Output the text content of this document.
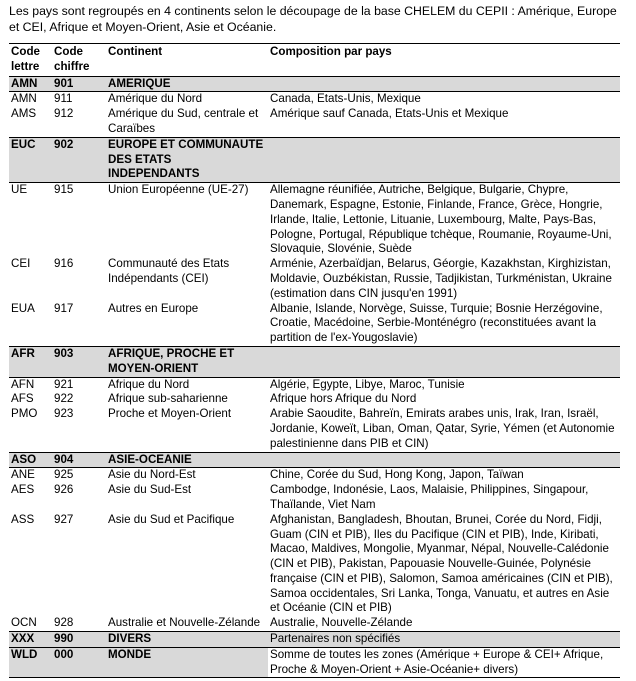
Les pays sont regroupés en 4 continents selon le découpage de la base CHELEM du CEPII : Amérique, Europe et CEI, Afrique et Moyen-Orient, Asie et Océanie.
Code lettre	Code chiffre	Continent	Composition par pays
AMN	901	AMERIQUE	
AMN	911	Amérique du Nord	Canada, Etats-Unis, Mexique
AMS	912	Amérique du Sud, centrale et Caraïbes	Amérique sauf Canada, Etats-Unis et Mexique
EUC	902	EUROPE ET COMMUNAUTE DES ETATS INDEPENDANTS	
UE	915	Union Européenne (UE-27)	Allemagne réunifiée, Autriche, Belgique, Bulgarie, Chypre, Danemark, Espagne, Estonie, Finlande, France, Grèce, Hongrie, Irlande, Italie, Lettonie, Lituanie, Luxembourg, Malte, Pays-Bas, Pologne, Portugal, République tchèque, Roumanie, Royaume-Uni, Slovaquie, Slovénie, Suède
CEI	916	Communauté des Etats Indépendants (CEI)	Arménie, Azerbaïdjan, Belarus, Géorgie, Kazakhstan, Kirghizistan, Moldavie, Ouzbékistan, Russie, Tadjikistan, Turkménistan, Ukraine (estimation dans CIN jusqu'en 1991)
EUA	917	Autres en Europe	Albanie, Islande, Norvège, Suisse, Turquie; Bosnie Herzégovine, Croatie, Macédoine, Serbie-Monténégro (reconstituées avant la partition de l'ex-Yougoslavie)
AFR	903	AFRIQUE, PROCHE ET MOYEN-ORIENT	
AFN	921	Afrique du Nord	Algérie, Egypte, Libye, Maroc, Tunisie
AFS	922	Afrique sub-saharienne	Afrique hors Afrique du Nord
PMO	923	Proche et Moyen-Orient	Arabie Saoudite, Bahreïn, Emirats arabes unis, Irak, Iran, Israël, Jordanie, Koweït, Liban, Oman, Qatar, Syrie, Yémen (et Autonomie palestinienne dans PIB et CIN)
ASO	904	ASIE-OCEANIE	
ANE	925	Asie du Nord-Est	Chine, Corée du Sud, Hong Kong, Japon, Taïwan
AES	926	Asie du Sud-Est	Cambodge, Indonésie, Laos, Malaisie, Philippines, Singapour, Thaïlande, Viet Nam
ASS	927	Asie du Sud et Pacifique	Afghanistan, Bangladesh, Bhoutan, Brunei, Corée du Nord, Fidji, Guam (CIN et PIB), Iles du Pacifique (CIN et PIB), Inde, Kiribati, Macao, Maldives, Mongolie, Myanmar, Népal, Nouvelle-Calédonie (CIN et PIB), Pakistan, Papouasie Nouvelle-Guinée, Polynésie française (CIN et PIB), Salomon, Samoa américaines (CIN et PIB), Samoa occidentales, Sri Lanka, Tonga, Vanuatu, et autres en Asie et Océanie (CIN et PIB)
OCN	928	Australie et Nouvelle-Zélande	Australie, Nouvelle-Zélande
XXX	990	DIVERS	Partenaires non spécifiés
WLD	000	MONDE	Somme de toutes les zones (Amérique + Europe & CEI+ Afrique, Proche & Moyen-Orient + Asie-Océanie+ divers)
